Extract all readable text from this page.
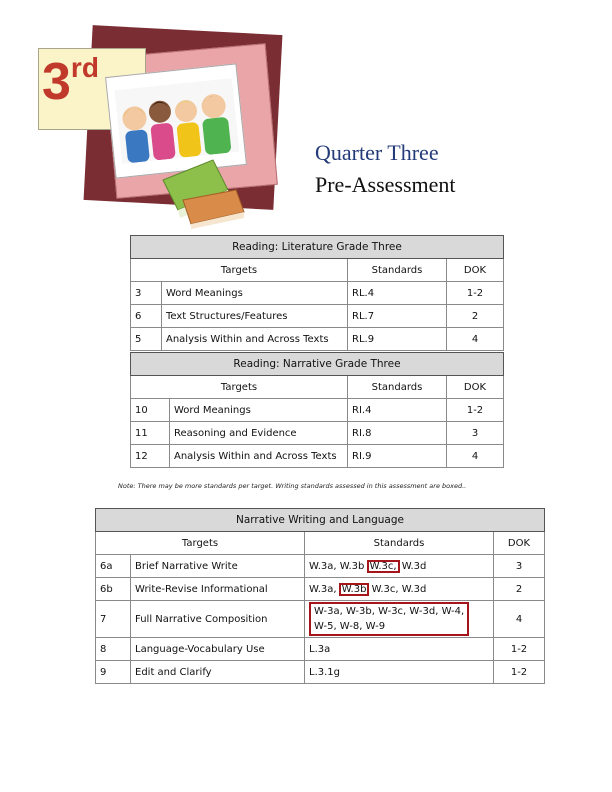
3rd
Quarter Three
Pre-Assessment
Reading: Literature Grade Three			
Targets		Standards	DOK
3	Word Meanings	RL.4	1-2
6	Text Structures/Features	RL.7	2
5	Analysis Within and Across Texts	RL.9	4
Reading: Narrative Grade Three			
Targets		Standards	DOK
10	Word Meanings	RI.4	1-2
11	Reasoning and Evidence	RI.8	3
12	Analysis Within and Across Texts	RI.9	4
Note: There may be more standards per target. Writing standards assessed in this assessment are boxed..
Narrative Writing and Language			
Targets		Standards	DOK
6a	Brief Narrative Write	W.3a, W.3b W.3c, W.3d	3
6b	Write-Revise Informational	W.3a, W.3b W.3c, W.3d	2
7	Full Narrative Composition	W-3a, W-3b, W-3c, W-3d, W-4,
W-5, W-8, W-9	4
8	Language-Vocabulary Use	L.3a	1-2
9	Edit and Clarify	L.3.1g	1-2
